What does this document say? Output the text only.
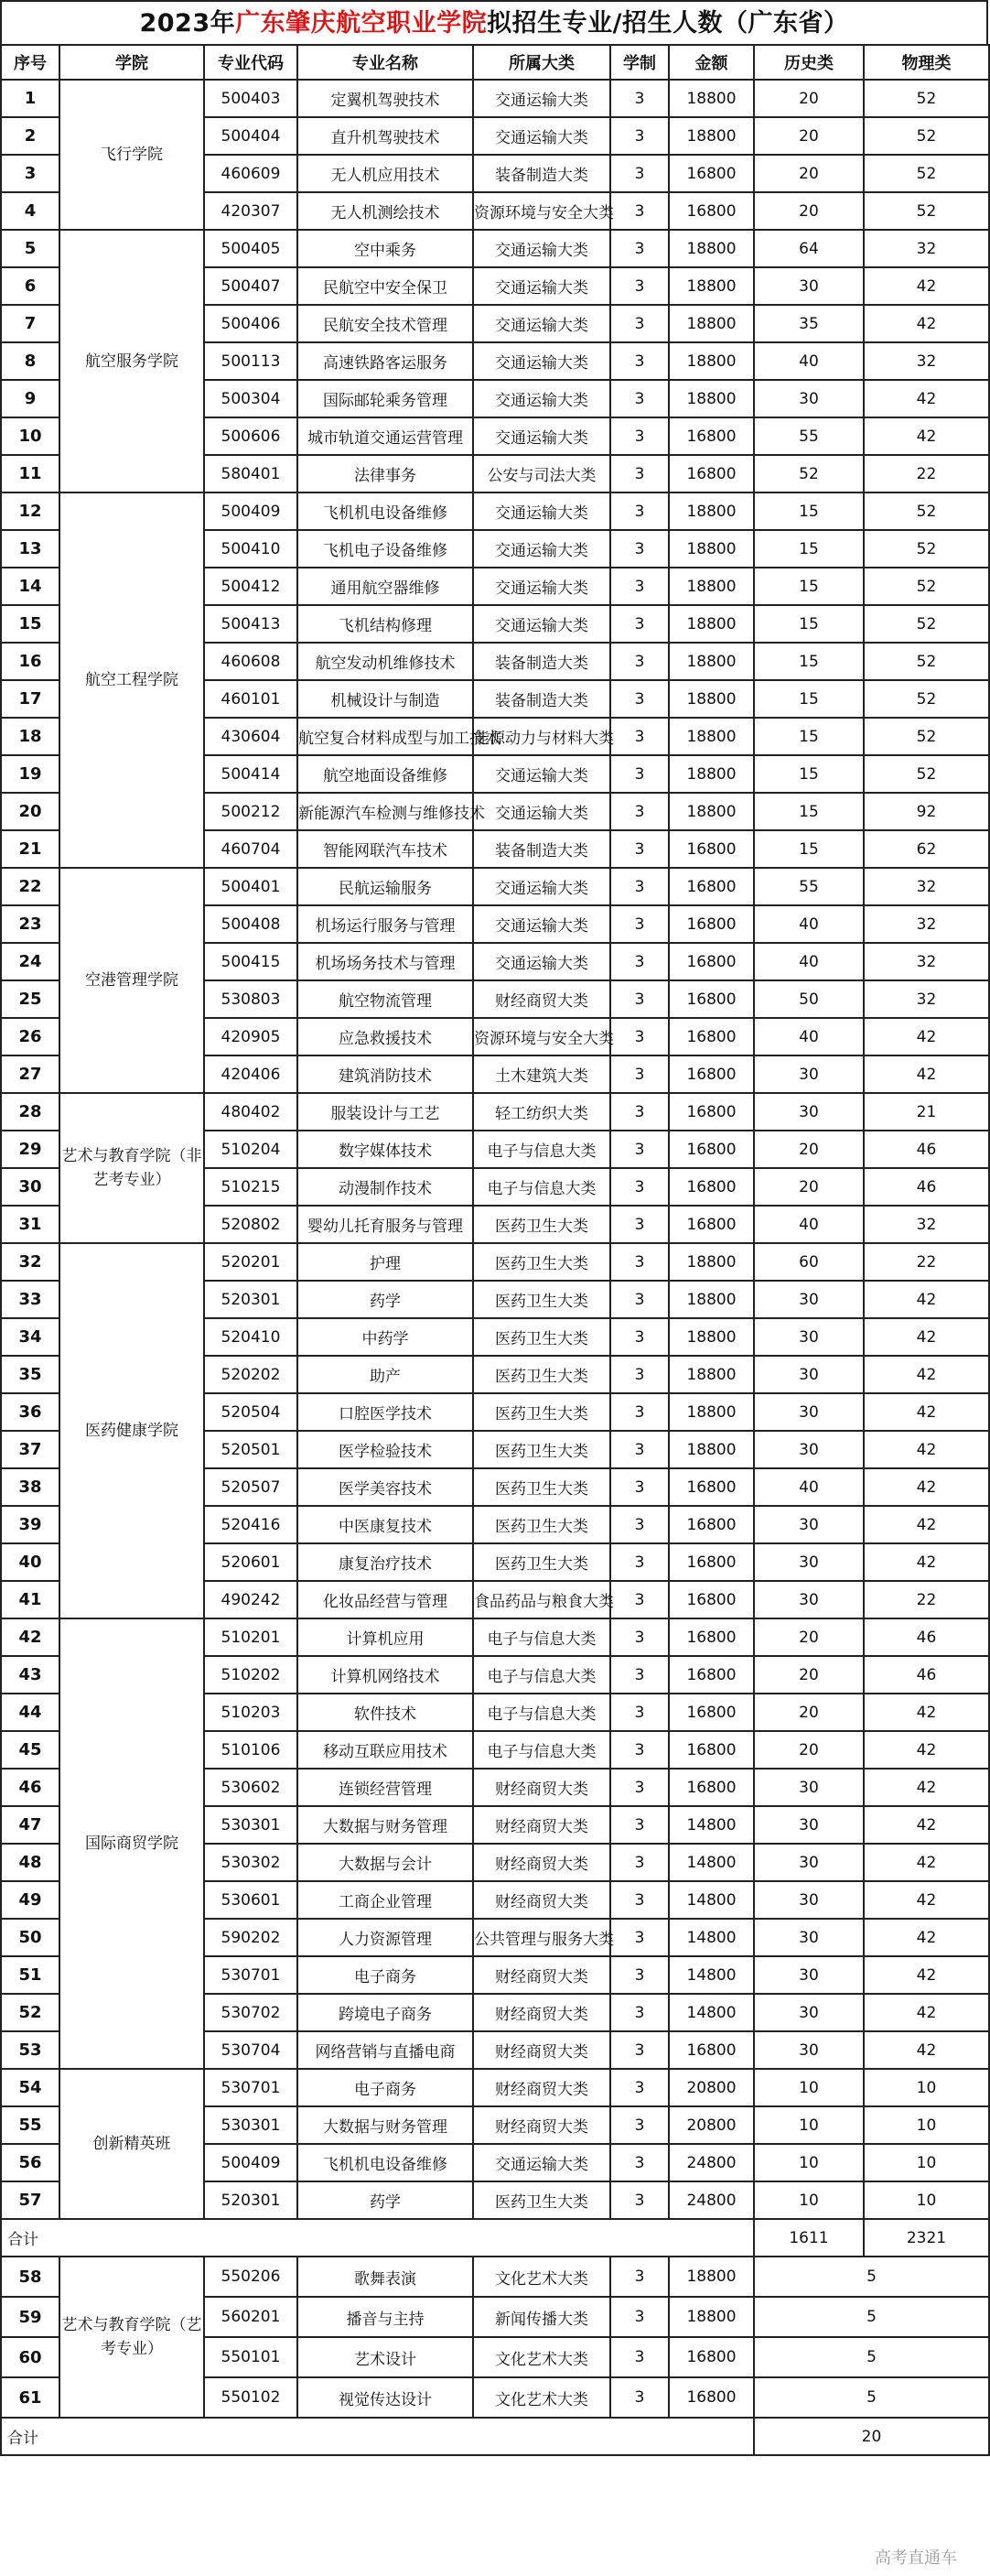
2023年广东肇庆航空职业学院拟招生专业/招生人数（广东省）
序号	学院	专业代码	专业名称	所属大类	学制	金额	历史类	物理类
1	飞行学院	500403	定翼机驾驶技术	交通运输大类	3	18800	20	52
2		500404	直升机驾驶技术	交通运输大类	3	18800	20	52
3		460609	无人机应用技术	装备制造大类	3	16800	20	52
4		420307	无人机测绘技术	资源环境与安全大类	3	16800	20	52
5	航空服务学院	500405	空中乘务	交通运输大类	3	18800	64	32
6		500407	民航空中安全保卫	交通运输大类	3	18800	30	42
7		500406	民航安全技术管理	交通运输大类	3	18800	35	42
8		500113	高速铁路客运服务	交通运输大类	3	18800	40	32
9		500304	国际邮轮乘务管理	交通运输大类	3	18800	30	42
10		500606	城市轨道交通运营管理	交通运输大类	3	16800	55	42
11		580401	法律事务	公安与司法大类	3	16800	52	22
12	航空工程学院	500409	飞机机电设备维修	交通运输大类	3	18800	15	52
13		500410	飞机电子设备维修	交通运输大类	3	18800	15	52
14		500412	通用航空器维修	交通运输大类	3	18800	15	52
15		500413	飞机结构修理	交通运输大类	3	18800	15	52
16		460608	航空发动机维修技术	装备制造大类	3	18800	15	52
17		460101	机械设计与制造	装备制造大类	3	18800	15	52
18		430604	航空复合材料成型与加工技术	能源动力与材料大类	3	18800	15	52
19		500414	航空地面设备维修	交通运输大类	3	18800	15	52
20		500212	新能源汽车检测与维修技术	交通运输大类	3	18800	15	92
21		460704	智能网联汽车技术	装备制造大类	3	16800	15	62
22	空港管理学院	500401	民航运输服务	交通运输大类	3	16800	55	32
23		500408	机场运行服务与管理	交通运输大类	3	16800	40	32
24		500415	机场场务技术与管理	交通运输大类	3	16800	40	32
25		530803	航空物流管理	财经商贸大类	3	16800	50	32
26		420905	应急救援技术	资源环境与安全大类	3	16800	40	42
27		420406	建筑消防技术	土木建筑大类	3	16800	30	42
28	艺术与教育学院（非艺考专业）	480402	服装设计与工艺	轻工纺织大类	3	16800	30	21
29		510204	数字媒体技术	电子与信息大类	3	16800	20	46
30		510215	动漫制作技术	电子与信息大类	3	16800	20	46
31		520802	婴幼儿托育服务与管理	医药卫生大类	3	16800	40	32
32	医药健康学院	520201	护理	医药卫生大类	3	18800	60	22
33		520301	药学	医药卫生大类	3	18800	30	42
34		520410	中药学	医药卫生大类	3	18800	30	42
35		520202	助产	医药卫生大类	3	18800	30	42
36		520504	口腔医学技术	医药卫生大类	3	18800	30	42
37		520501	医学检验技术	医药卫生大类	3	18800	30	42
38		520507	医学美容技术	医药卫生大类	3	16800	40	42
39		520416	中医康复技术	医药卫生大类	3	16800	30	42
40		520601	康复治疗技术	医药卫生大类	3	16800	30	42
41		490242	化妆品经营与管理	食品药品与粮食大类	3	16800	30	22
42	国际商贸学院	510201	计算机应用	电子与信息大类	3	16800	20	46
43		510202	计算机网络技术	电子与信息大类	3	16800	20	46
44		510203	软件技术	电子与信息大类	3	16800	20	42
45		510106	移动互联应用技术	电子与信息大类	3	16800	20	42
46		530602	连锁经营管理	财经商贸大类	3	16800	30	42
47		530301	大数据与财务管理	财经商贸大类	3	14800	30	42
48		530302	大数据与会计	财经商贸大类	3	14800	30	42
49		530601	工商企业管理	财经商贸大类	3	14800	30	42
50		590202	人力资源管理	公共管理与服务大类	3	14800	30	42
51		530701	电子商务	财经商贸大类	3	14800	30	42
52		530702	跨境电子商务	财经商贸大类	3	14800	30	42
53		530704	网络营销与直播电商	财经商贸大类	3	16800	30	42
54	创新精英班	530701	电子商务	财经商贸大类	3	20800	10	10
55		530301	大数据与财务管理	财经商贸大类	3	20800	10	10
56		500409	飞机机电设备维修	交通运输大类	3	24800	10	10
57		520301	药学	医药卫生大类	3	24800	10	10
合计							1611	2321
58	艺术与教育学院（艺考专业）	550206	歌舞表演	文化艺术大类	3	18800	5	
59		560201	播音与主持	新闻传播大类	3	18800	5	
60		550101	艺术设计	文化艺术大类	3	16800	5	
61		550102	视觉传达设计	文化艺术大类	3	16800	5	
合计							20	
高考直通车
